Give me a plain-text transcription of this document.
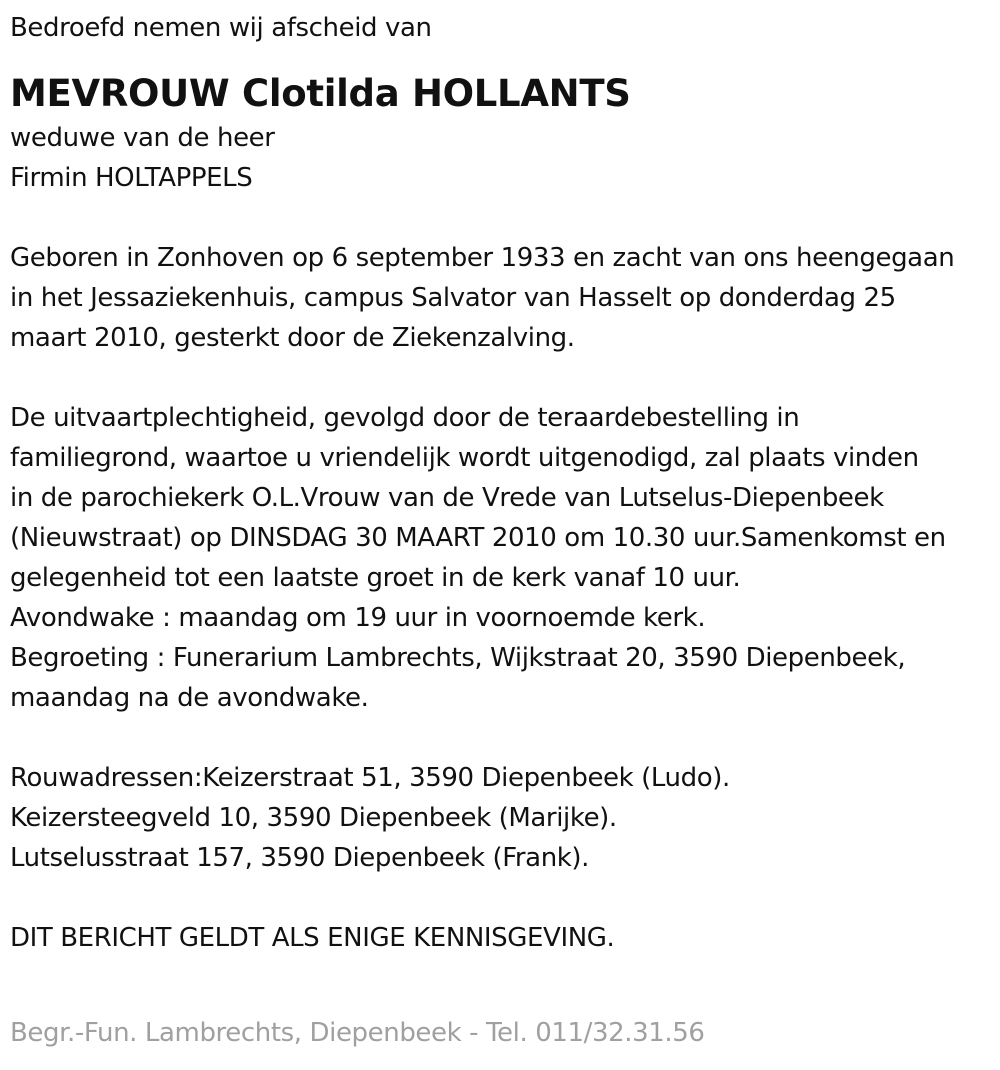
Bedroefd nemen wij afscheid van
MEVROUW Clotilda HOLLANTS
weduwe van de heer
Firmin HOLTAPPELS
Geboren in Zonhoven op 6 september 1933 en zacht van ons heengegaan
in het Jessaziekenhuis, campus Salvator van Hasselt op donderdag 25
maart 2010, gesterkt door de Ziekenzalving.
De uitvaartplechtigheid, gevolgd door de teraardebestelling in
familiegrond, waartoe u vriendelijk wordt uitgenodigd, zal plaats vinden
in de parochiekerk O.L.Vrouw van de Vrede van Lutselus-Diepenbeek
(Nieuwstraat) op DINSDAG 30 MAART 2010 om 10.30 uur.Samenkomst en
gelegenheid tot een laatste groet in de kerk vanaf 10 uur.
Avondwake : maandag om 19 uur in voornoemde kerk.
Begroeting : Funerarium Lambrechts, Wijkstraat 20, 3590 Diepenbeek,
maandag na de avondwake.
Rouwadressen:Keizerstraat 51, 3590 Diepenbeek (Ludo).
Keizersteegveld 10, 3590 Diepenbeek (Marijke).
Lutselusstraat 157, 3590 Diepenbeek (Frank).
DIT BERICHT GELDT ALS ENIGE KENNISGEVING.
Begr.-Fun. Lambrechts, Diepenbeek - Tel. 011/32.31.56
